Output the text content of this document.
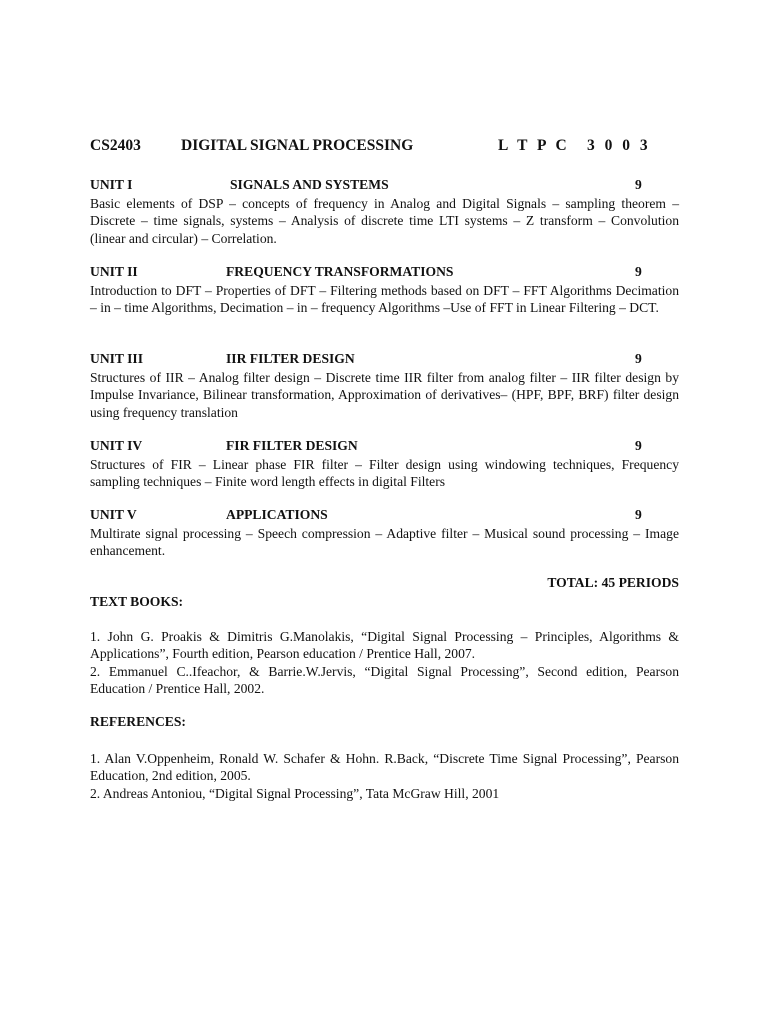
CS2403	DIGITAL SIGNAL PROCESSING	L T P C 3 0 0 3
UNIT I	SIGNALS AND SYSTEMS	9

Basic elements of DSP – concepts of frequency in Analog and Digital Signals – sampling theorem – Discrete – time signals, systems – Analysis of discrete time LTI systems – Z transform – Convolution (linear and circular) – Correlation.

UNIT II	FREQUENCY TRANSFORMATIONS	9

Introduction to DFT – Properties of DFT – Filtering methods based on DFT – FFT Algorithms Decimation – in – time Algorithms, Decimation – in – frequency Algorithms –Use of FFT in Linear Filtering – DCT.

UNIT III	IIR FILTER DESIGN	9

Structures of IIR – Analog filter design – Discrete time IIR filter from analog filter – IIR filter design by Impulse Invariance, Bilinear transformation, Approximation of derivatives– (HPF, BPF, BRF) filter design using frequency translation

UNIT IV	FIR FILTER DESIGN	9

Structures of FIR – Linear phase FIR filter – Filter design using windowing techniques, Frequency sampling techniques – Finite word length effects in digital Filters

UNIT V	APPLICATIONS	9

Multirate signal processing – Speech compression – Adaptive filter – Musical sound processing – Image enhancement.

TOTAL: 45 PERIODS
TEXT BOOKS:

1. John G. Proakis & Dimitris G.Manolakis, “Digital Signal Processing – Principles, Algorithms & Applications”, Fourth edition, Pearson education / Prentice Hall, 2007.

2. Emmanuel C..Ifeachor, & Barrie.W.Jervis, “Digital Signal Processing”, Second edition, Pearson Education / Prentice Hall, 2002.

REFERENCES:

1. Alan V.Oppenheim, Ronald W. Schafer & Hohn. R.Back, “Discrete Time Signal Processing”, Pearson Education, 2nd edition, 2005.

2. Andreas Antoniou, “Digital Signal Processing”, Tata McGraw Hill, 2001
